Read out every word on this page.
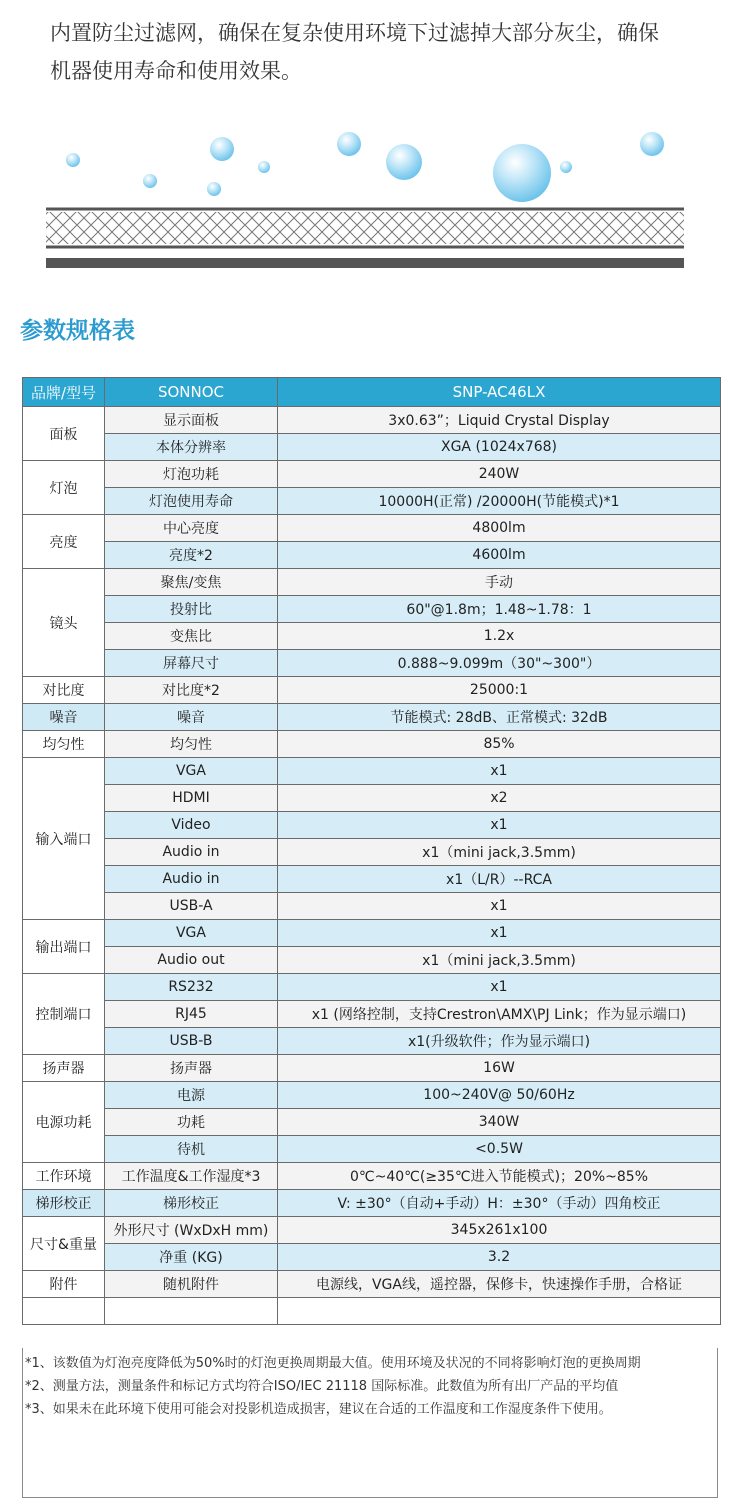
内置防尘过滤网，确保在复杂使用环境下过滤掉大部分灰尘，确保

机器使用寿命和使用效果。

参数规格表
品牌/型号	SONNOC	SNP-AC46LX
面板	显示面板	3x0.63”；Liquid Crystal Display
	本体分辨率	XGA (1024x768)
灯泡	灯泡功耗	240W
	灯泡使用寿命	10000H(正常) /20000H(节能模式)*1
亮度	中心亮度	4800lm
	亮度*2	4600lm
镜头	聚焦/变焦	手动
	投射比	60"@1.8m；1.48~1.78：1
	变焦比	1.2x
	屏幕尺寸	0.888~9.099m（30"~300"）
对比度	对比度*2	25000:1
噪音	噪音	节能模式: 28dB、正常模式: 32dB
均匀性	均匀性	85%
输入端口	VGA	x1
	HDMI	x2
	Video	x1
	Audio in	x1（mini jack,3.5mm)
	Audio in	x1（L/R）--RCA
	USB-A	x1
输出端口	VGA	x1
	Audio out	x1（mini jack,3.5mm)
控制端口	RS232	x1
	RJ45	x1 (网络控制，支持Crestron\AMX\PJ Link；作为显示端口)
	USB-B	x1(升级软件；作为显示端口)
扬声器	扬声器	16W
电源功耗	电源	100~240V@ 50/60Hz
	功耗	340W
	待机	<0.5W
工作环境	工作温度&工作湿度*3	0℃~40℃(≥35℃进入节能模式)；20%~85%
梯形校正	梯形校正	V: ±30°（自动+手动）H：±30°（手动）四角校正
尺寸&重量	外形尺寸 (WxDxH mm)	345x261x100
	净重 (KG)	3.2
附件	随机附件	电源线，VGA线，遥控器，保修卡，快速操作手册，合格证

*1、该数值为灯泡亮度降低为50%时的灯泡更换周期最大值。使用环境及状况的不同将影响灯泡的更换周期

*2、测量方法，测量条件和标记方式均符合ISO/IEC 21118 国际标准。此数值为所有出厂产品的平均值

*3、如果未在此环境下使用可能会对投影机造成损害，建议在合适的工作温度和工作湿度条件下使用。
